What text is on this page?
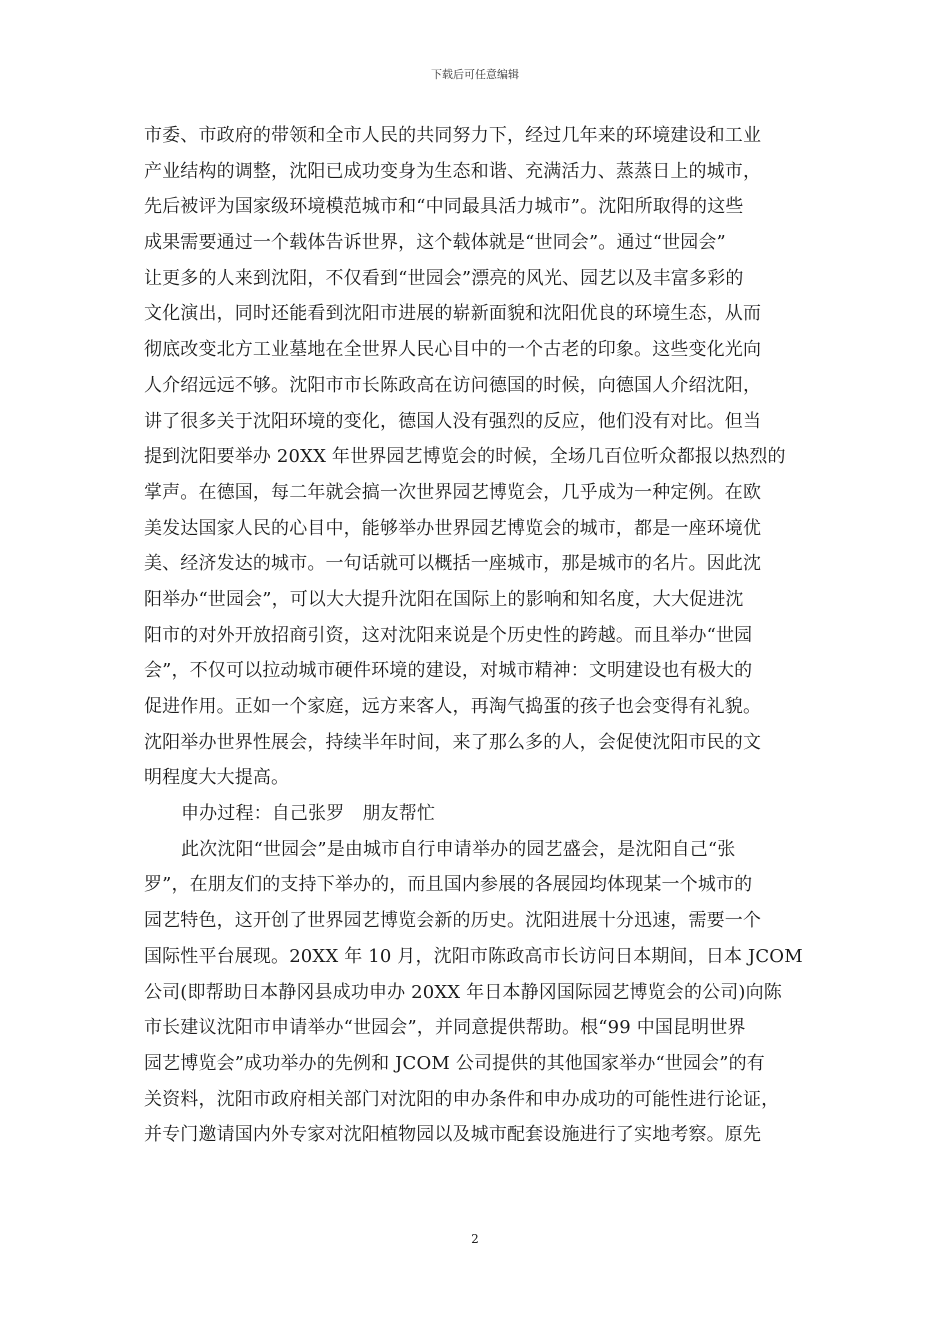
下载后可任意编辑
市委、市政府的带领和全市人民的共同努力下，经过几年来的环境建设和工业
产业结构的调整，沈阳已成功变身为生态和谐、充满活力、蒸蒸日上的城市，
先后被评为国家级环境模范城市和“中同最具活力城市”。沈阳所取得的这些
成果需要通过一个载体告诉世界，这个载体就是“世同会”。通过“世园会”
让更多的人来到沈阳，不仅看到“世园会”漂亮的风光、园艺以及丰富多彩的
文化演出，同时还能看到沈阳市进展的崭新面貌和沈阳优良的环境生态，从而
彻底改变北方工业墓地在全世界人民心目中的一个古老的印象。这些变化光向
人介绍远远不够。沈阳市市长陈政高在访问德国的时候，向德国人介绍沈阳，
讲了很多关于沈阳环境的变化，德国人没有强烈的反应，他们没有对比。但当
提到沈阳要举办 20XX 年世界园艺博览会的时候，全场几百位听众都报以热烈的
掌声。在德国，每二年就会搞一次世界园艺博览会，几乎成为一种定例。在欧
美发达国家人民的心目中，能够举办世界园艺博览会的城市，都是一座环境优
美、经济发达的城市。一句话就可以概括一座城市，那是城市的名片。因此沈
阳举办“世园会”，可以大大提升沈阳在国际上的影响和知名度，大大促进沈
阳市的对外开放招商引资，这对沈阳来说是个历史性的跨越。而且举办“世园
会”，不仅可以拉动城市硬件环境的建设，对城市精神：文明建设也有极大的
促进作用。正如一个家庭，远方来客人，再淘气捣蛋的孩子也会变得有礼貌。
沈阳举办世界性展会，持续半年时间，来了那么多的人，会促使沈阳市民的文
明程度大大提高。
申办过程：自己张罗　朋友帮忙
此次沈阳“世园会”是由城市自行申请举办的园艺盛会，是沈阳自己“张
罗”，在朋友们的支持下举办的，而且国内参展的各展园均体现某一个城市的
园艺特色，这开创了世界园艺博览会新的历史。沈阳进展十分迅速，需要一个
国际性平台展现。20XX 年 10 月，沈阳市陈政高市长访问日本期间，日本 JCOM
公司(即帮助日本静冈县成功申办 20XX 年日本静冈国际园艺博览会的公司)向陈
市长建议沈阳市申请举办“世园会”，并同意提供帮助。根“99 中国昆明世界
园艺博览会”成功举办的先例和 JCOM 公司提供的其他国家举办“世园会”的有
关资料，沈阳市政府相关部门对沈阳的申办条件和申办成功的可能性进行论证，
并专门邀请国内外专家对沈阳植物园以及城市配套设施进行了实地考察。原先
2
